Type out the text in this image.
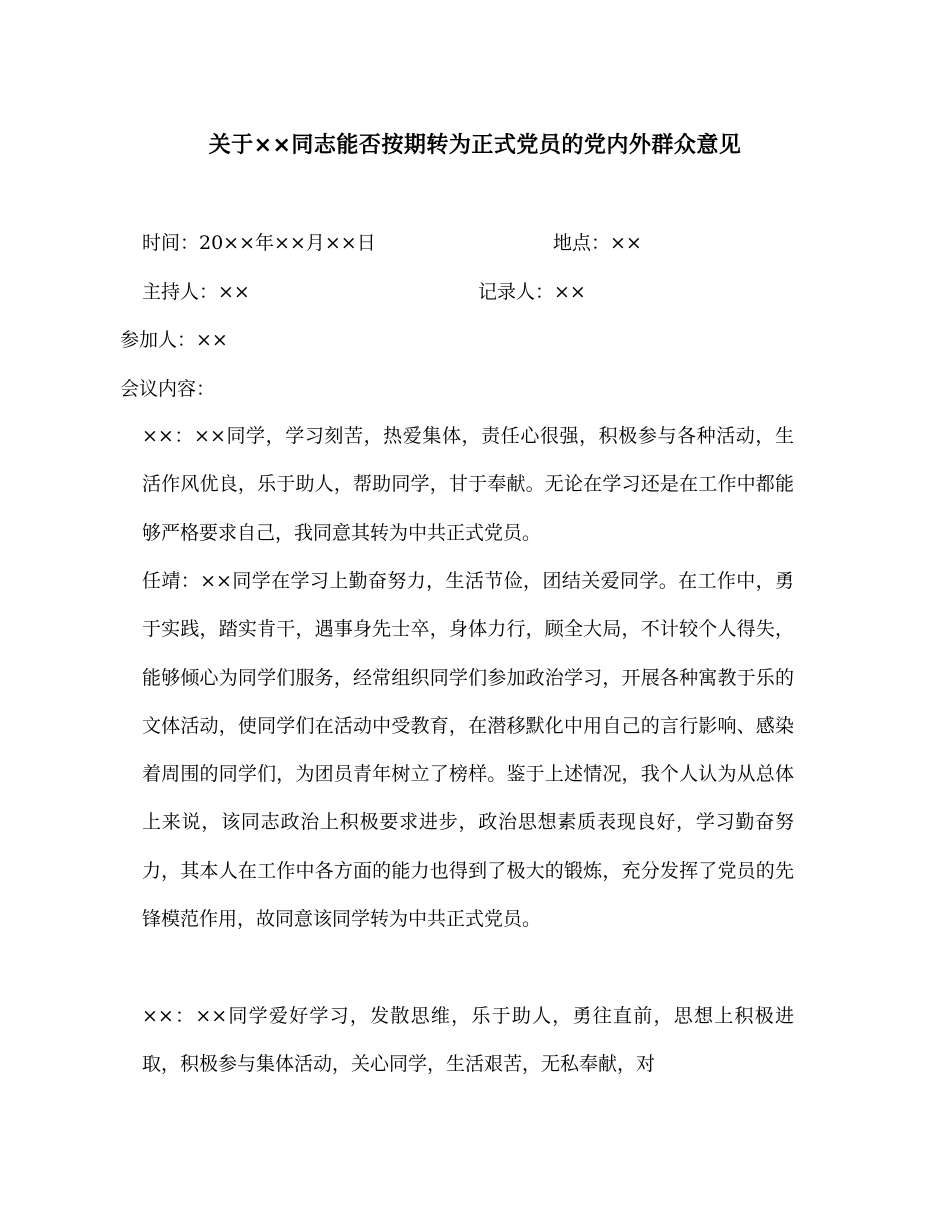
关于××同志能否按期转为正式党员的党内外群众意见
时间：20××年××月××日	地点：××
主持人：××	记录人：××
参加人：××
会议内容：
××：××同学，学习刻苦，热爱集体，责任心很强，积极参与各种活动，生活作风优良，乐于助人，帮助同学，甘于奉献。无论在学习还是在工作中都能够严格要求自己，我同意其转为中共正式党员。
任靖：××同学在学习上勤奋努力，生活节俭，团结关爱同学。在工作中，勇于实践，踏实肯干，遇事身先士卒，身体力行，顾全大局，不计较个人得失，能够倾心为同学们服务，经常组织同学们参加政治学习，开展各种寓教于乐的文体活动，使同学们在活动中受教育，在潜移默化中用自己的言行影响、感染着周围的同学们，为团员青年树立了榜样。鉴于上述情况，我个人认为从总体上来说，该同志政治上积极要求进步，政治思想素质表现良好，学习勤奋努力，其本人在工作中各方面的能力也得到了极大的锻炼，充分发挥了党员的先锋模范作用，故同意该同学转为中共正式党员。
××：××同学爱好学习，发散思维，乐于助人，勇往直前，思想上积极进取，积极参与集体活动，关心同学，生活艰苦，无私奉献，对
